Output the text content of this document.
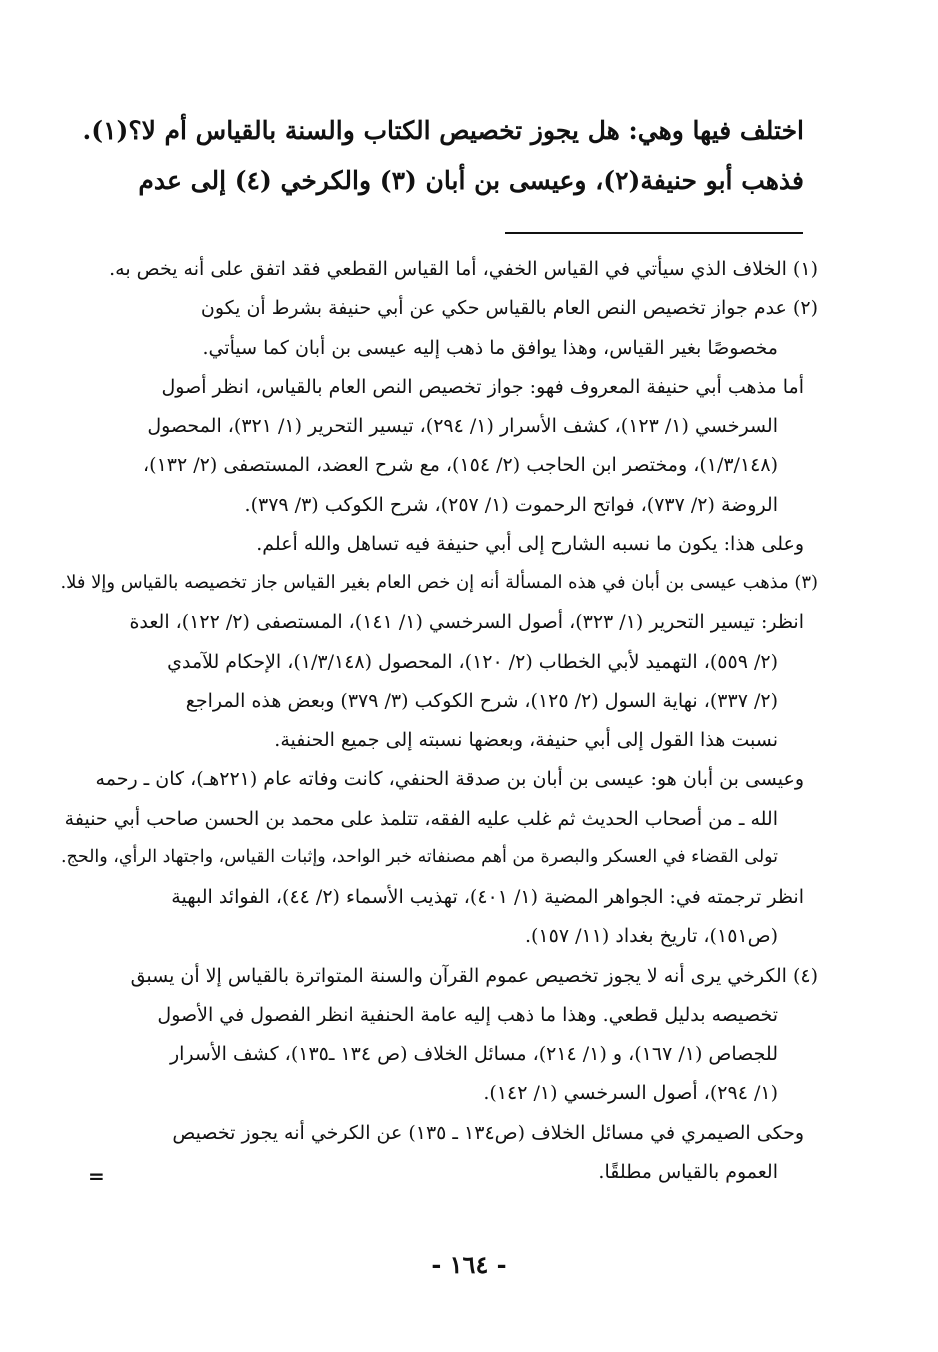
اختلف فيها وهي: هل يجوز تخصيص الكتاب والسنة بالقياس أم لا؟(١).
فذهب أبو حنيفة(٢)، وعيسى بن أبان (٣) والكرخي (٤) إلى عدم
(١) الخلاف الذي سيأتي في القياس الخفي، أما القياس القطعي فقد اتفق على أنه يخص به.
(٢) عدم جواز تخصيص النص العام بالقياس حكي عن أبي حنيفة بشرط أن يكون
مخصوصًا بغير القياس، وهذا يوافق ما ذهب إليه عيسى بن أبان كما سيأتي.
أما مذهب أبي حنيفة المعروف فهو: جواز تخصيص النص العام بالقياس، انظر أصول
السرخسي (١/ ١٢٣)، كشف الأسرار (١/ ٢٩٤)، تيسير التحرير (١/ ٣٢١)، المحصول
(١/٣/١٤٨)، ومختصر ابن الحاجب (٢/ ١٥٤)، مع شرح العضد، المستصفى (٢/ ١٣٢)،
الروضة (٢/ ٧٣٧)، فواتح الرحموت (١/ ٢٥٧)، شرح الكوكب (٣/ ٣٧٩).
وعلى هذا: يكون ما نسبه الشارح إلى أبي حنيفة فيه تساهل والله أعلم.
(٣) مذهب عيسى بن أبان في هذه المسألة أنه إن خص العام بغير القياس جاز تخصيصه بالقياس وإلا فلا.
انظر: تيسير التحرير (١/ ٣٢٣)، أصول السرخسي (١/ ١٤١)، المستصفى (٢/ ١٢٢)، العدة
(٢/ ٥٥٩)، التهميد لأبي الخطاب (٢/ ١٢٠)، المحصول (١/٣/١٤٨)، الإحكام للآمدي
(٢/ ٣٣٧)، نهاية السول (٢/ ١٢٥)، شرح الكوكب (٣/ ٣٧٩) وبعض هذه المراجع
نسبت هذا القول إلى أبي حنيفة، وبعضها نسبته إلى جميع الحنفية.
وعيسى بن أبان هو: عيسى بن أبان بن صدقة الحنفي، كانت وفاته عام (٢٢١هـ)، كان ـ رحمه
الله ـ من أصحاب الحديث ثم غلب عليه الفقه، تتلمذ على محمد بن الحسن صاحب أبي حنيفة
تولى القضاء في العسكر والبصرة من أهم مصنفاته خبر الواحد، وإثبات القياس، واجتهاد الرأي، والحج.
انظر ترجمته في: الجواهر المضية (١/ ٤٠١)، تهذيب الأسماء (٢/ ٤٤)، الفوائد البهية
(ص١٥١)، تاريخ بغداد (١١/ ١٥٧).
(٤) الكرخي يرى أنه لا يجوز تخصيص عموم القرآن والسنة المتواترة بالقياس إلا أن يسبق
تخصيصه بدليل قطعي. وهذا ما ذهب إليه عامة الحنفية انظر الفصول في الأصول
للجصاص (١/ ١٦٧)، و (١/ ٢١٤)، مسائل الخلاف (ص ١٣٤ ـ١٣٥)، كشف الأسرار
(١/ ٢٩٤)، أصول السرخسي (١/ ١٤٢).
وحكى الصيمري في مسائل الخلاف (ص١٣٤ ـ ١٣٥) عن الكرخي أنه يجوز تخصيص
العموم بالقياس مطلقًا.
=
- ١٦٤ -
